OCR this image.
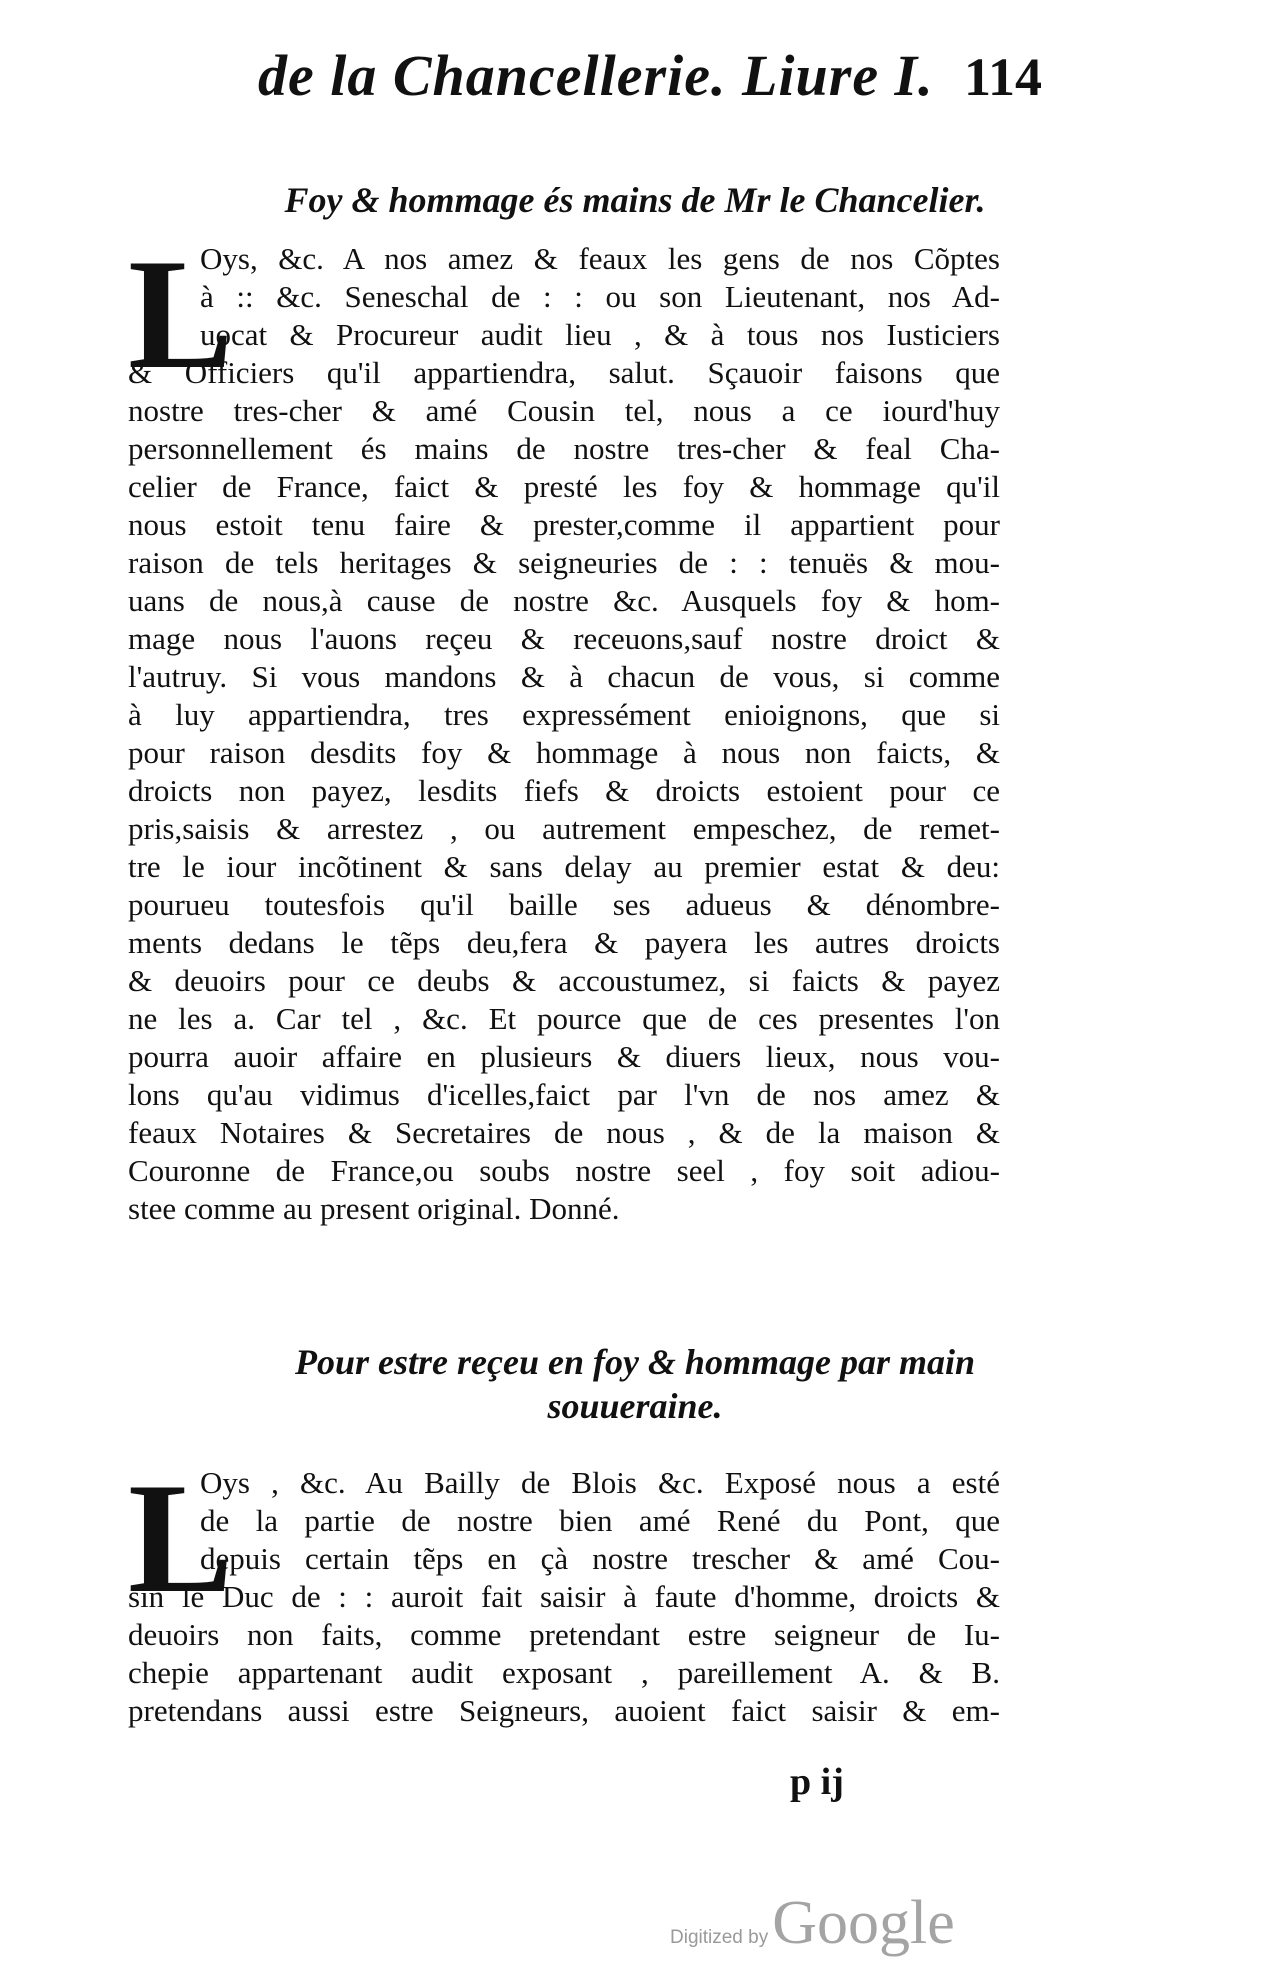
de la Chancellerie. Liure I. 114
Foy & hommage és mains de Mr le Chancelier.
L
Oys, &c. A nos amez & feaux les gens de nos Cõptes
à :: &c. Seneschal de : : ou son Lieutenant, nos Ad-
uocat & Procureur audit lieu , & à tous nos Iusticiers
& Officiers qu'il appartiendra, salut. Sçauoir faisons que
nostre tres-cher & amé Cousin tel, nous a ce iourd'huy
personnellement és mains de nostre tres-cher & feal Cha-
celier de France, faict & presté les foy & hommage qu'il
nous estoit tenu faire & prester,comme il appartient pour
raison de tels heritages & seigneuries de : : tenuës & mou-
uans de nous,à cause de nostre &c. Ausquels foy & hom-
mage nous l'auons reçeu & receuons,sauf nostre droict &
l'autruy. Si vous mandons & à chacun de vous, si comme
à luy appartiendra, tres expressément enioignons, que si
pour raison desdits foy & hommage à nous non faicts, &
droicts non payez, lesdits fiefs & droicts estoient pour ce
pris,saisis & arrestez , ou autrement empeschez, de remet-
tre le iour incõtinent & sans delay au premier estat & deu:
pourueu toutesfois qu'il baille ses adueus & dénombre-
ments dedans le tẽps deu,fera & payera les autres droicts
& deuoirs pour ce deubs & accoustumez, si faicts & payez
ne les a. Car tel , &c. Et pource que de ces presentes l'on
pourra auoir affaire en plusieurs & diuers lieux, nous vou-
lons qu'au vidimus d'icelles,faict par l'vn de nos amez &
feaux Notaires & Secretaires de nous , & de la maison &
Couronne de France,ou soubs nostre seel , foy soit adiou-
stee comme au present original. Donné.
Pour estre reçeu en foy & hommage par main
souueraine.
L
Oys , &c. Au Bailly de Blois &c. Exposé nous a esté
de la partie de nostre bien amé René du Pont, que
depuis certain tẽps en çà nostre trescher & amé Cou-
sin le Duc de : : auroit fait saisir à faute d'homme, droicts &
deuoirs non faits, comme pretendant estre seigneur de Iu-
chepie appartenant audit exposant , pareillement A. & B.
pretendans aussi estre Seigneurs, auoient faict saisir & em-
p ij
Digitized by Google
